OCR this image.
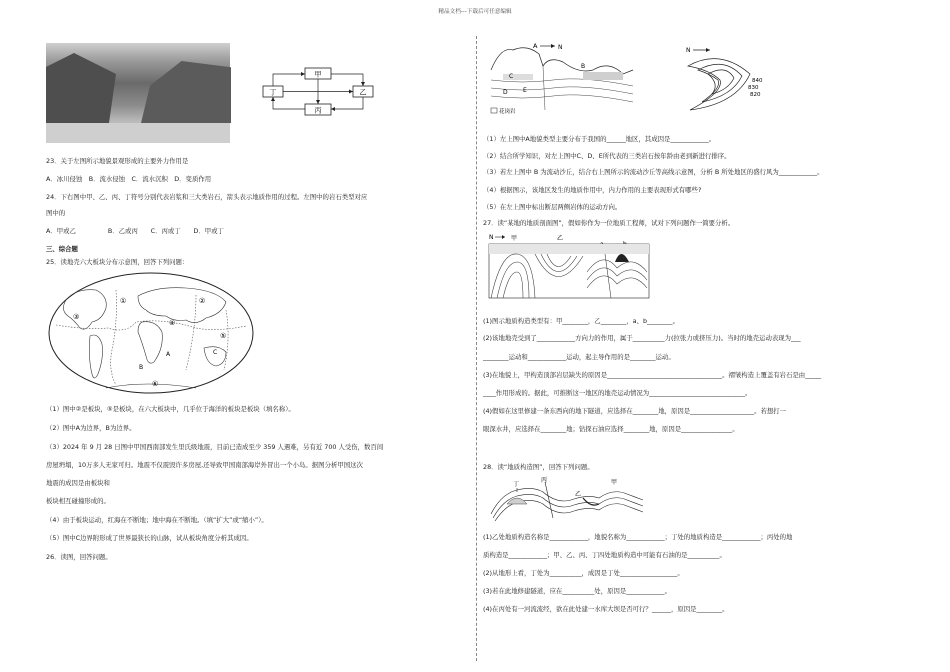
精品文档---下载后可任意编辑
甲
丁	乙
丙
23．关于左图所示地貌景观形成的主要外力作用是
A．冰川侵蚀　B．流水侵蚀　C．流水沉积　D．变质作用
24．下右图中甲、乙、丙、丁符号分别代表岩浆和三大类岩石，箭头表示地质作用的过程。左图中的岩石类型对应
图中的
A．甲或乙　　　　　B．乙或丙　　C．丙或丁　　D．甲或丁
三、综合题
25．读地壳六大板块分布示意图，回答下列问题：
①	②
③
④
⑤
⑥
A
B
C
（1）图中②是板块，⑤是板块，在六大板块中，几乎位于海洋的板块是板块（填名称）。
（2）图中A为边界，B为边界。
（3）2024 年 9 月 28 日图中甲国西南部发生里氏级地震，目前已造成至少 359 人遇难，另有近 700 人受伤，数百间
房屋坍塌，10万多人无家可归。地震不仅震毁许多房屋,还导致甲国南部海岸外冒出一个小岛。据图分析甲国这次
地震的成因是由板块和
板块相互碰撞形成的。
（4）由于板块运动，红海在不断地；地中海在不断地。（填“扩大”或“缩小”）。
（5）图中C边界附形成了世界最狭长的山脉，试从板块角度分析其成因。
26．读图，回答问题。
A	N
B
C
D	E
花岗岩
N
840
830
820
（1）左上图中A地貌类型主要分布于我国的______地区，其成因是____________。
（2）结合所学知识，对左上图中C、D、E所代表的三类岩石按年龄由老到新进行排序。
（3）若左上图中 B 为流动沙丘，结合右上图所示的流动沙丘等高线示意图，分析 B 所处地区的盛行风为____________。
（4）根据图示，该地区发生的地质作用中，内力作用的主要表现形式有哪些?
（5）在左上图中标出断层两侧岩体的运动方向。
27．读“某地的地质剖面图”，假如你作为一位地质工程师，试对下列问题作一简要分析。
N	甲	乙
(1)图示地质构造类型有：甲________，乙________，a、b________。
(2)该地地壳受到了____________方向力的作用，属于__________力(拉张力或挤压力)。当时的地壳运动表现为___
________运动和____________运动，起主导作用的是________运动。
(3)在地貌上，甲构造顶部岩层缺失的原因是____________________________________。褶皱构造上覆盖有岩石是由_____
____作用形成的。据此，可推断这一地区的地壳运动情况为______________________________。
(4)假如在这里修建一条东西向的地下隧道，应选择在________地，原因是____________________。若想打一
眼深水井，应选择在________地；钻探石油应选择________地，原因是________________。
28．读“地质构造图”，回答下列问题。
丙
乙
甲
丁
(1)乙处地质构造名称是____________，地貌名称为____________；丁处的地质构造是____________；丙处的地
质构造是____________；甲、乙、丙、丁四处地质构造中可能有石油的是__________。
(2)从地形上看，丁处为__________，成因是丁处__________________。
(3)若在此地修建隧道，应在__________处，原因是____________。
(4)在丙处有一河流流经，欲在此处建一水库大坝是否可行？______，原因是________。
